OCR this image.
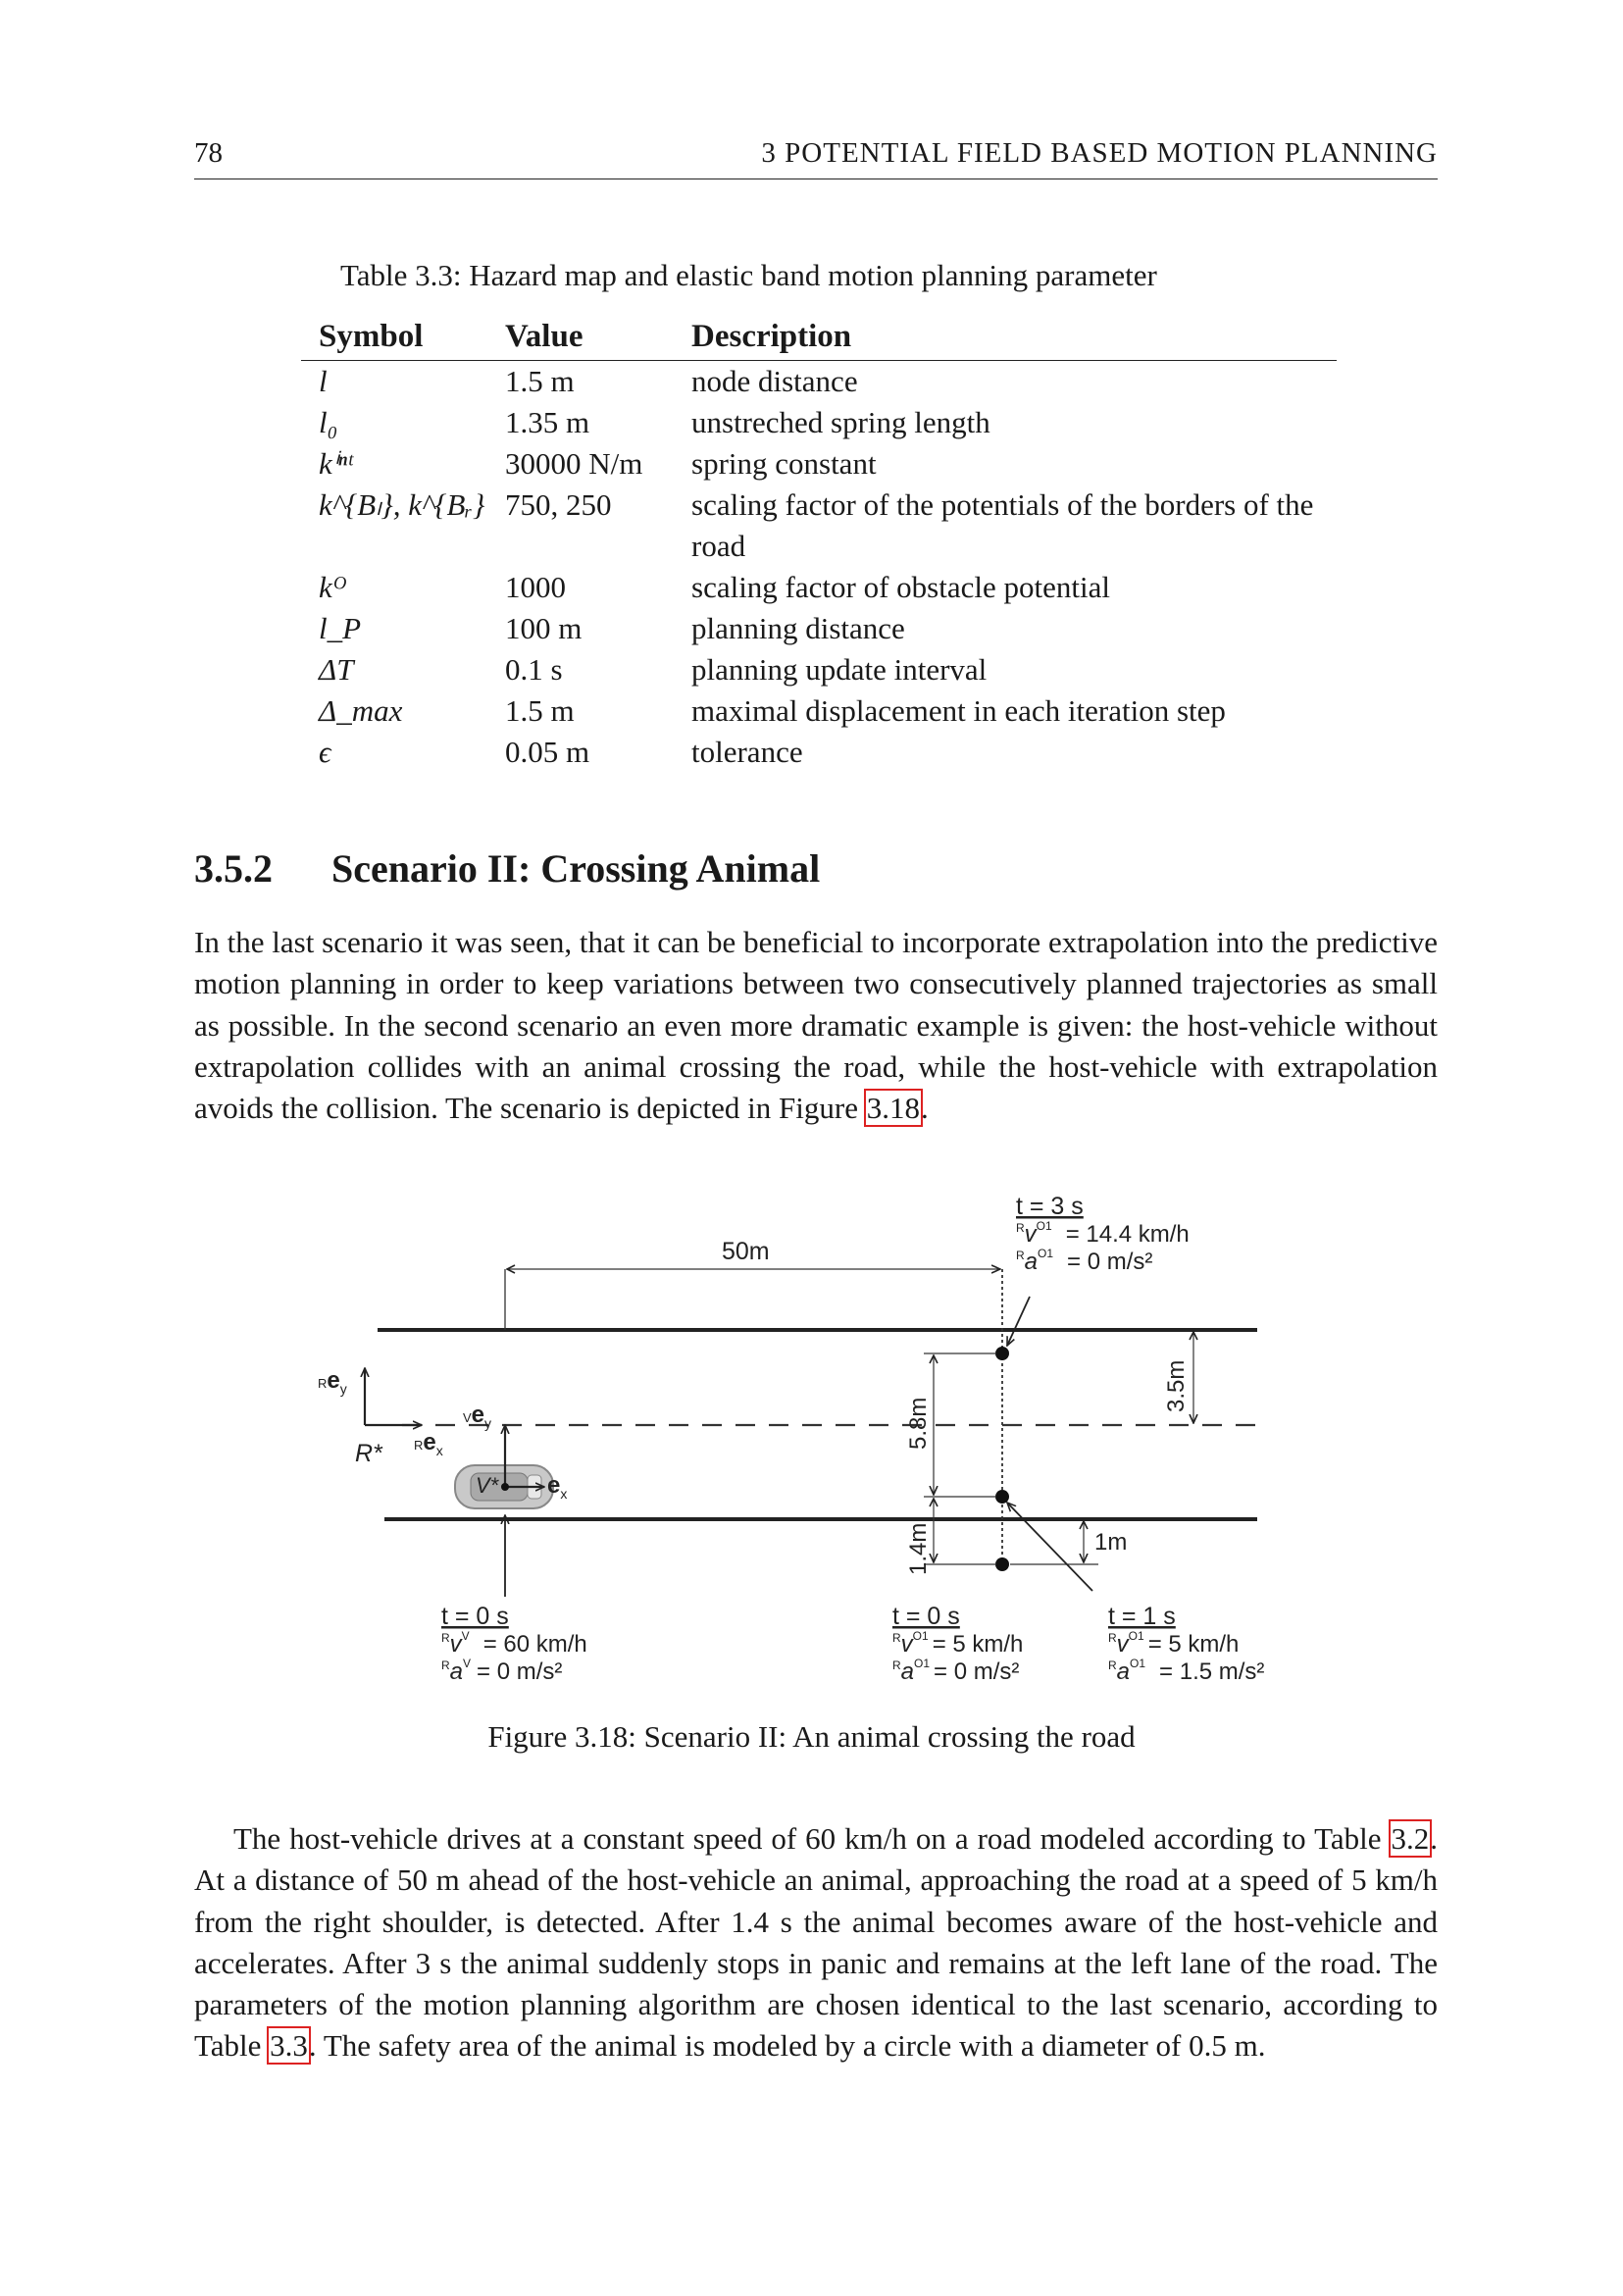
78	3 POTENTIAL FIELD BASED MOTION PLANNING
Table 3.3: Hazard map and elastic band motion planning parameter
Symbol	Value	Description
l	1.5 m	node distance
l₀	1.35 m	unstreched spring length
kⁱⁿᵗ	30000 N/m	spring constant
k^{Bₗ}, k^{Bᵣ}	750, 250	scaling factor of the potentials of the borders of the road
kᴼ	1000	scaling factor of obstacle potential
l_P	100 m	planning distance
ΔT	0.1 s	planning update interval
Δ_max	1.5 m	maximal displacement in each iteration step
ϵ	0.05 m	tolerance
3.5.2 Scenario II: Crossing Animal

In the last scenario it was seen, that it can be beneficial to incorporate extrapolation into the predictive motion planning in order to keep variations between two consecutively planned trajectories as small as possible. In the second scenario an even more dramatic example is given: the host-vehicle without extrapolation collides with an animal crossing the road, while the host-vehicle with extrapolation avoids the collision. The scenario is depicted in Figure 3.18.

50m
5.8m
1.4m
3.5m
1m
$Re_y$
$Re_x$
R*
V*
$Ve_y$
$e_x$
t = 0 s
$^Rv^V = 60$ km/h
$^Ra^V = 0$ m/s²
t = 0 s
$^Rv^{O1} = 5$ km/h
$^Ra^{O1} = 0$ m/s²
t = 1 s
$^Rv^{O1} = 5$ km/h
$^Ra^{O1} = 1.5$ m/s²
t = 3 s
$^Rv^{O1} = 14.4$ km/h
$^Ra^{O1} = 0$ m/s²
Figure 3.18: Scenario II: An animal crossing the road

The host-vehicle drives at a constant speed of 60 km/h on a road modeled according to Table 3.2. At a distance of 50 m ahead of the host-vehicle an animal, approaching the road at a speed of 5 km/h from the right shoulder, is detected. After 1.4 s the animal becomes aware of the host-vehicle and accelerates. After 3 s the animal suddenly stops in panic and remains at the left lane of the road. The parameters of the motion planning algorithm are chosen identical to the last scenario, according to Table 3.3. The safety area of the animal is modeled by a circle with a diameter of 0.5 m.
